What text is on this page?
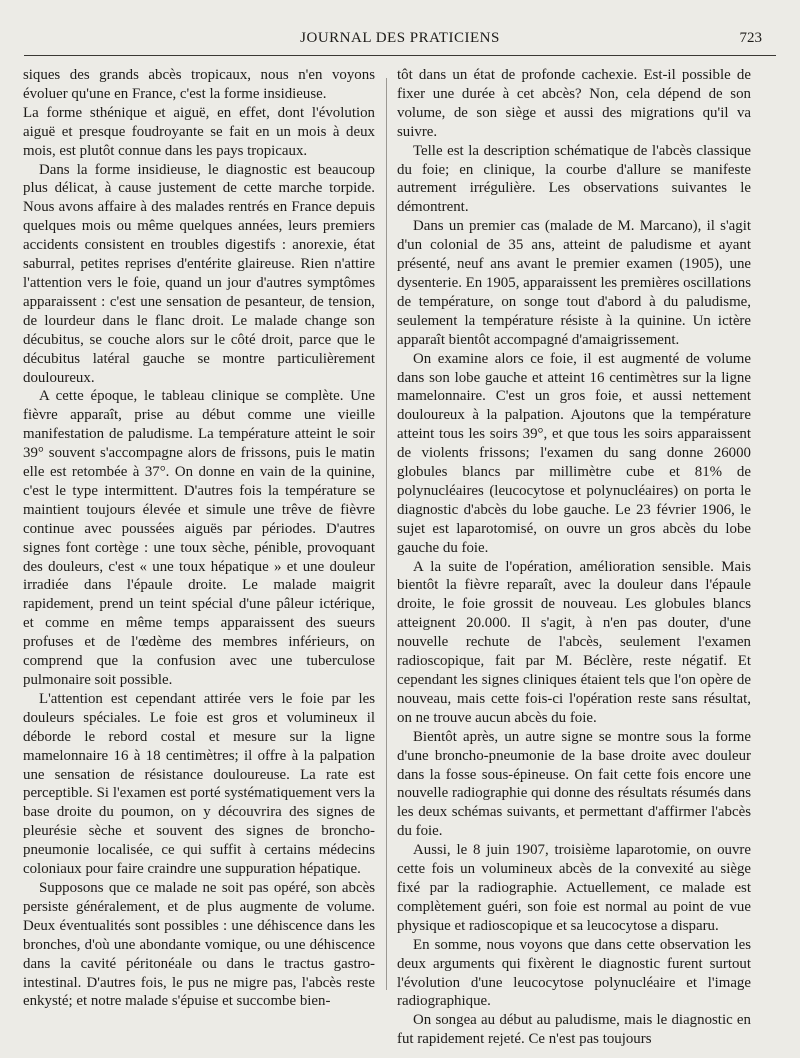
JOURNAL DES PRATICIENS	723

siques des grands abcès tropicaux, nous n'en voyons évoluer qu'une en France, c'est la forme insidieuse.

La forme sthénique et aiguë, en effet, dont l'évolution aiguë et presque foudroyante se fait en un mois à deux mois, est plutôt connue dans les pays tropicaux.

Dans la forme insidieuse, le diagnostic est beaucoup plus délicat, à cause justement de cette marche torpide. Nous avons affaire à des malades rentrés en France depuis quelques mois ou même quelques années, leurs premiers accidents consistent en troubles digestifs : anorexie, état saburral, petites reprises d'entérite glaireuse. Rien n'attire l'attention vers le foie, quand un jour d'autres symptômes apparaissent : c'est une sensation de pesanteur, de tension, de lourdeur dans le flanc droit. Le malade change son décubitus, se couche alors sur le côté droit, parce que le décubitus latéral gauche se montre particulièrement douloureux.

A cette époque, le tableau clinique se complète. Une fièvre apparaît, prise au début comme une vieille manifestation de paludisme. La température atteint le soir 39° souvent s'accompagne alors de frissons, puis le matin elle est retombée à 37°. On donne en vain de la quinine, c'est le type intermittent. D'autres fois la température se maintient toujours élevée et simule une trêve de fièvre continue avec poussées aiguës par périodes. D'autres signes font cortège : une toux sèche, pénible, provoquant des douleurs, c'est « une toux hépatique » et une douleur irradiée dans l'épaule droite. Le malade maigrit rapidement, prend un teint spécial d'une pâleur ictérique, et comme en même temps apparaissent des sueurs profuses et de l'œdème des membres inférieurs, on comprend que la confusion avec une tuberculose pulmonaire soit possible.

L'attention est cependant attirée vers le foie par les douleurs spéciales. Le foie est gros et volumineux il déborde le rebord costal et mesure sur la ligne mamelonnaire 16 à 18 centimètres; il offre à la palpation une sensation de résistance douloureuse. La rate est perceptible. Si l'examen est porté systématiquement vers la base droite du poumon, on y découvrira des signes de pleurésie sèche et souvent des signes de broncho-pneumonie localisée, ce qui suffit à certains médecins coloniaux pour faire craindre une suppuration hépatique.

Supposons que ce malade ne soit pas opéré, son abcès persiste généralement, et de plus augmente de volume. Deux éventualités sont possibles : une déhiscence dans les bronches, d'où une abondante vomique, ou une déhiscence dans la cavité péritonéale ou dans le tractus gastro-intestinal. D'autres fois, le pus ne migre pas, l'abcès reste enkysté; et notre malade s'épuise et succombe bien-

tôt dans un état de profonde cachexie. Est-il possible de fixer une durée à cet abcès? Non, cela dépend de son volume, de son siège et aussi des migrations qu'il va suivre.

Telle est la description schématique de l'abcès classique du foie; en clinique, la courbe d'allure se manifeste autrement irrégulière. Les observations suivantes le démontrent.

Dans un premier cas (malade de M. Marcano), il s'agit d'un colonial de 35 ans, atteint de paludisme et ayant présenté, neuf ans avant le premier examen (1905), une dysenterie. En 1905, apparaissent les premières oscillations de température, on songe tout d'abord à du paludisme, seulement la température résiste à la quinine. Un ictère apparaît bientôt accompagné d'amaigrissement.

On examine alors ce foie, il est augmenté de volume dans son lobe gauche et atteint 16 centimètres sur la ligne mamelonnaire. C'est un gros foie, et aussi nettement douloureux à la palpation. Ajoutons que la température atteint tous les soirs 39°, et que tous les soirs apparaissent de violents frissons; l'examen du sang donne 26000 globules blancs par millimètre cube et 81% de polynucléaires (leucocytose et polynucléaires) on porta le diagnostic d'abcès du lobe gauche. Le 23 février 1906, le sujet est laparotomisé, on ouvre un gros abcès du lobe gauche du foie.

A la suite de l'opération, amélioration sensible. Mais bientôt la fièvre reparaît, avec la douleur dans l'épaule droite, le foie grossit de nouveau. Les globules blancs atteignent 20.000. Il s'agit, à n'en pas douter, d'une nouvelle rechute de l'abcès, seulement l'examen radioscopique, fait par M. Béclère, reste négatif. Et cependant les signes cliniques étaient tels que l'on opère de nouveau, mais cette fois-ci l'opération reste sans résultat, on ne trouve aucun abcès du foie.

Bientôt après, un autre signe se montre sous la forme d'une broncho-pneumonie de la base droite avec douleur dans la fosse sous-épineuse. On fait cette fois encore une nouvelle radiographie qui donne des résultats résumés dans les deux schémas suivants, et permettant d'affirmer l'abcès du foie.

Aussi, le 8 juin 1907, troisième laparotomie, on ouvre cette fois un volumineux abcès de la convexité au siège fixé par la radiographie. Actuellement, ce malade est complètement guéri, son foie est normal au point de vue physique et radioscopique et sa leucocytose a disparu.

En somme, nous voyons que dans cette observation les deux arguments qui fixèrent le diagnostic furent surtout l'évolution d'une leucocytose polynucléaire et l'image radiographique.

On songea au début au paludisme, mais le diagnostic en fut rapidement rejeté. Ce n'est pas toujours
